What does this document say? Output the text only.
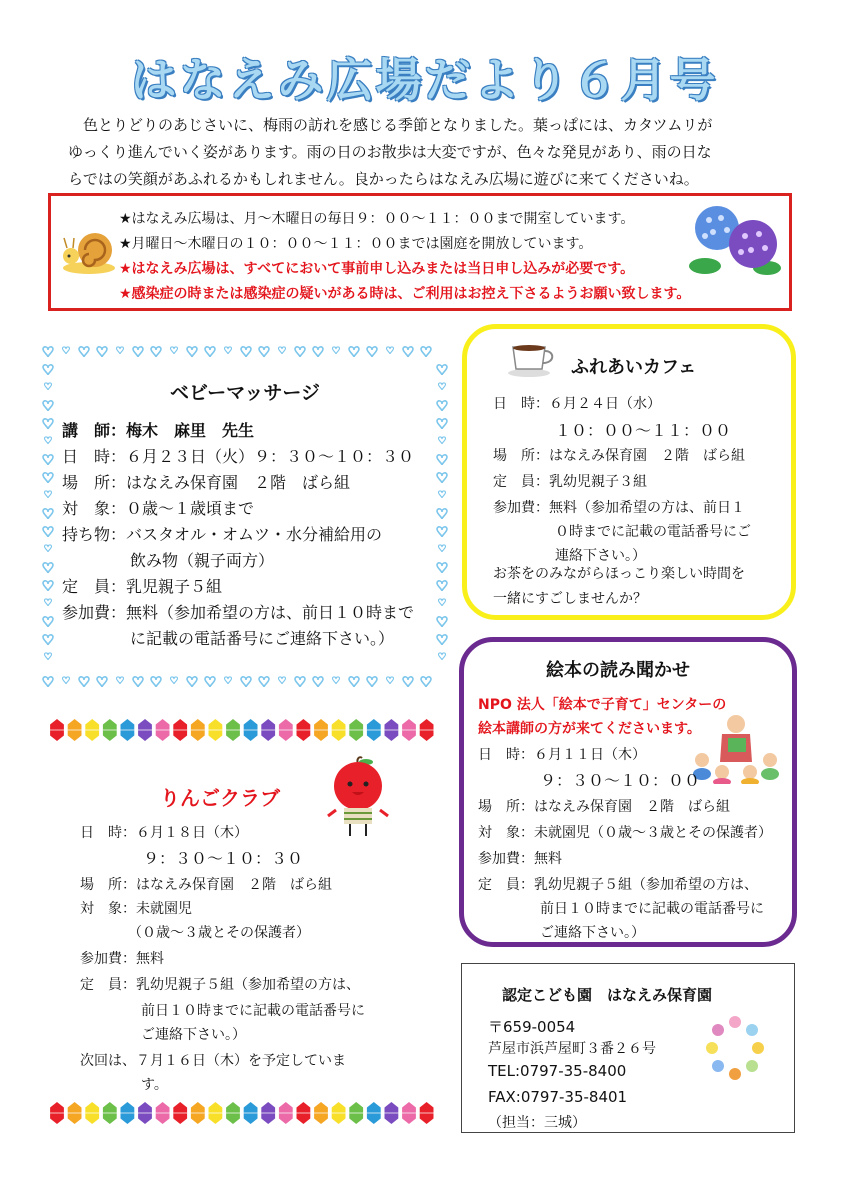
はなえみ広場だより６月号

色とりどりのあじさいに、梅雨の訪れを感じる季節となりました。葉っぱには、カタツムリが

ゆっくり進んでいく姿があります。雨の日のお散歩は大変ですが、色々な発見があり、雨の日な

らではの笑顔があふれるかもしれません。良かったらはなえみ広場に遊びに来てくださいね。

★はなえみ広場は、月〜木曜日の毎日９：００〜１１：００まで開室しています。
★月曜日〜木曜日の１０：００〜１１：００までは園庭を開放しています。
★はなえみ広場は、すべてにおいて事前申し込みまたは当日申し込みが必要です。
★感染症の時または感染症の疑いがある時は、ご利用はお控え下さるようお願い致します。
ベビーマッサージ
講　師：梅木　麻里　先生
日　時：６月２３日（火）９：３０〜１０：３０
場　所：はなえみ保育園　２階　ばら組
対　象：０歳〜１歳頃まで
持ち物：バスタオル・オムツ・水分補給用の
飲み物（親子両方）
定　員：乳児親子５組
参加費：無料（参加希望の方は、前日１０時まで
に記載の電話番号にご連絡下さい。）
ふれあいカフェ
日　時：６月２４日（水）
１０：００〜１１：００
場　所：はなえみ保育園　２階　ばら組
定　員：乳幼児親子３組
参加費：無料（参加希望の方は、前日１
０時までに記載の電話番号にご
連絡下さい。）
お茶をのみながらほっこり楽しい時間を
一緒にすごしませんか？
絵本の読み聞かせ
NPO 法人「絵本で子育て」センターの
絵本講師の方が来てくださいます。
日　時：６月１１日（木）
９：３０〜１０：００
場　所：はなえみ保育園　２階　ばら組
対　象：未就園児（０歳〜３歳とその保護者）
参加費：無料
定　員：乳幼児親子５組（参加希望の方は、
前日１０時までに記載の電話番号に
ご連絡下さい。）
りんごクラブ
日　時：６月１８日（木）
９：３０〜１０：３０
場　所：はなえみ保育園　２階　ばら組
対　象：未就園児
（０歳〜３歳とその保護者）
参加費：無料
定　員：乳幼児親子５組（参加希望の方は、
前日１０時までに記載の電話番号に
ご連絡下さい。）
次回は、７月１６日（木）を予定していま
す。
認定こども園　はなえみ保育園
〒659-0054
芦屋市浜芦屋町３番２６号
TEL:0797-35-8400
FAX:0797-35-8401
（担当：三城）
